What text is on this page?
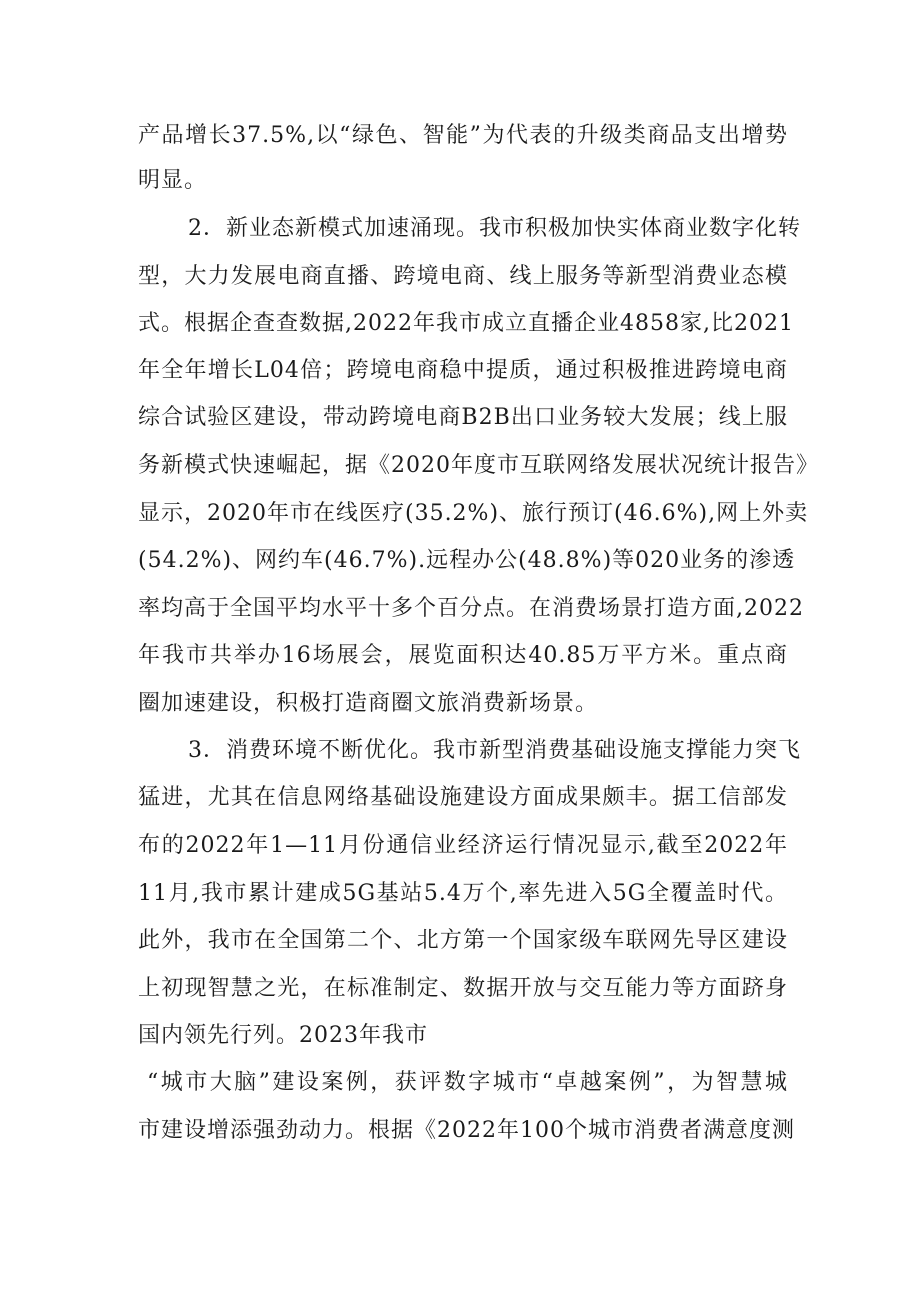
产品增长37.5%,以“绿色、智能”为代表的升级类商品支出增势
明显。
2．新业态新模式加速涌现。我市积极加快实体商业数字化转
型，大力发展电商直播、跨境电商、线上服务等新型消费业态模
式。根据企查查数据,2022年我市成立直播企业4858家,比2021
年全年增长L04倍；跨境电商稳中提质，通过积极推进跨境电商
综合试验区建设，带动跨境电商B2B出口业务较大发展；线上服
务新模式快速崛起，据《2020年度市互联网络发展状况统计报告》
显示，2020年市在线医疗(35.2%)、旅行预订(46.6%),网上外卖
(54.2%)、网约车(46.7%).远程办公(48.8%)等020业务的渗透
率均高于全国平均水平十多个百分点。在消费场景打造方面,2022
年我市共举办16场展会，展览面积达40.85万平方米。重点商
圈加速建设，积极打造商圈文旅消费新场景。
3．消费环境不断优化。我市新型消费基础设施支撑能力突飞
猛进，尤其在信息网络基础设施建设方面成果颇丰。据工信部发
布的2022年1—11月份通信业经济运行情况显示,截至2022年
11月,我市累计建成5G基站5.4万个,率先进入5G全覆盖时代。
此外，我市在全国第二个、北方第一个国家级车联网先导区建设
上初现智慧之光，在标准制定、数据开放与交互能力等方面跻身
国内领先行列。2023年我市
“城市大脑”建设案例，获评数字城市“卓越案例”，为智慧城
市建设增添强劲动力。根据《2022年100个城市消费者满意度测
